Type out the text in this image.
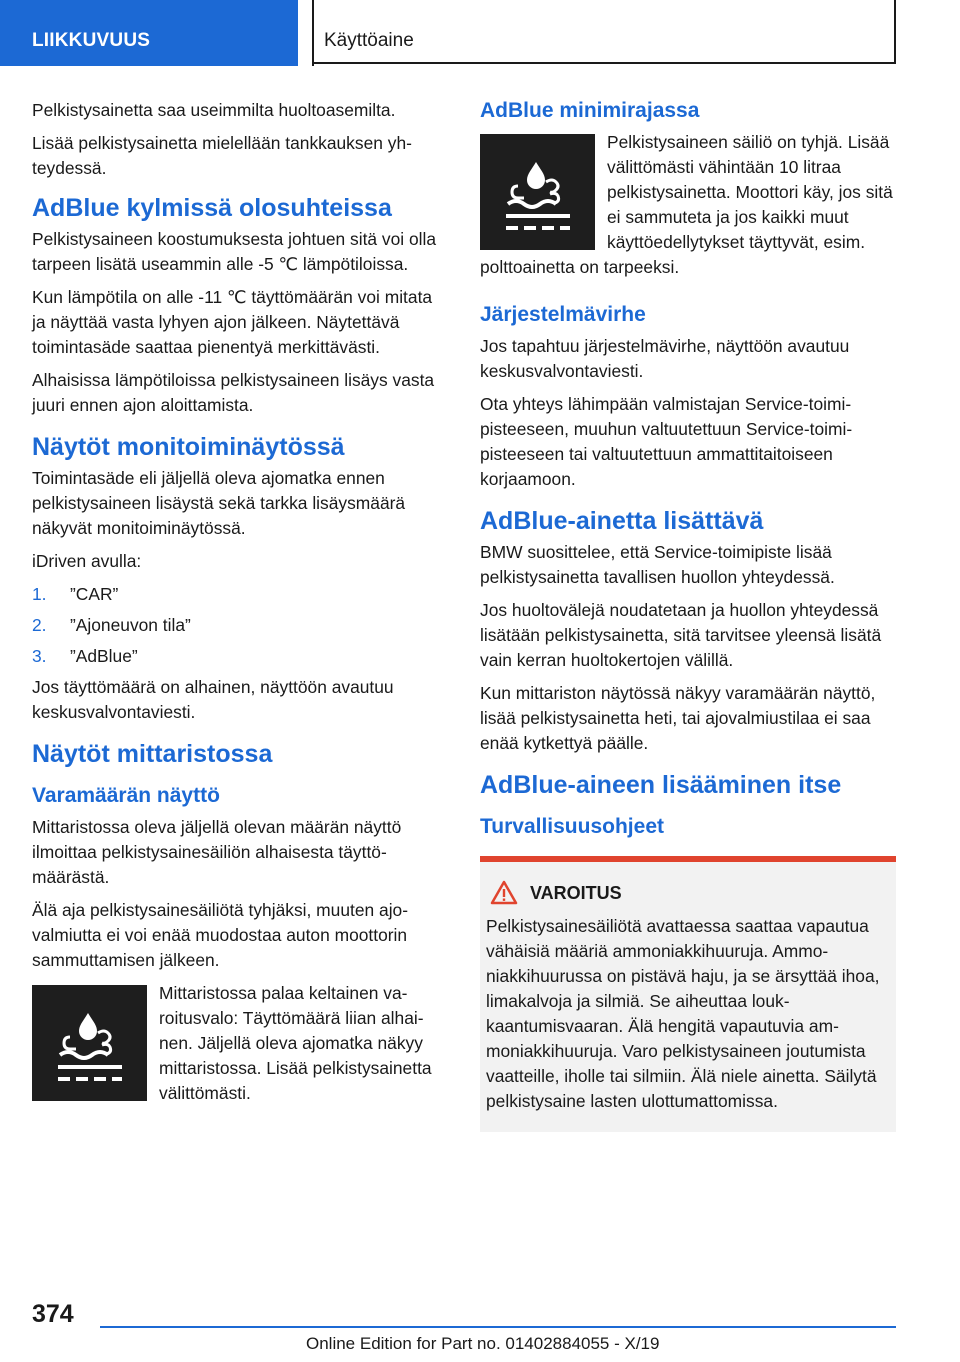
LIIKKUVUUS	Käyttöaine

Pelkistysainetta saa useimmilta huoltoasemilta.

Lisää pelkistysainetta mielellään tankkauksen yhteydessä.

AdBlue kylmissä olosuhteissa

Pelkistysaineen koostumuksesta johtuen sitä voi olla tarpeen lisätä useammin alle -5 ℃ lämpötiloissa.

Kun lämpötila on alle -11 ℃ täyttömäärän voi mitata ja näyttää vasta lyhyen ajon jälkeen. Näytettävä toimintasäde saattaa pienentyä merkittävästi.

Alhaisissa lämpötiloissa pelkistysaineen lisäys vasta juuri ennen ajon aloittamista.

Näytöt monitoiminäytössä

Toimintasäde eli jäljellä oleva ajomatka ennen pelkistysaineen lisäystä sekä tarkka lisäysmäärä näkyvät monitoiminäytössä.

iDriven avulla:

1.	”CAR”
2.	”Ajoneuvon tila”
3.	”AdBlue”

Jos täyttömäärä on alhainen, näyttöön avautuu keskusvalvontaviesti.

Näytöt mittaristossa
Varamäärän näyttö

Mittaristossa oleva jäljellä olevan määrän näyttö ilmoittaa pelkistysainesäiliön alhaisesta täyttömäärästä.

Älä aja pelkistysainesäiliötä tyhjäksi, muuten ajovalmiutta ei voi enää muodostaa auton moottorin sammuttamisen jälkeen.

Mittaristossa palaa keltainen varoitusvalo: Täyttömäärä liian alhainen. Jäljellä oleva ajomatka näkyy mittaristossa. Lisää pelkistysainetta välittömästi.

AdBlue minimirajassa

Pelkistysaineen säiliö on tyhjä. Lisää välittömästi vähintään 10 litraa pelkistysainetta. Moottori käy, jos sitä ei sammuteta ja jos kaikki muut käyttöedellytykset täyttyvät, esim. polttoainetta on tarpeeksi.

Järjestelmävirhe

Jos tapahtuu järjestelmävirhe, näyttöön avautuu keskusvalvontaviesti.

Ota yhteys lähimpään valmistajan Service-toimipisteeseen, muuhun valtuutettuun Service-toimipisteeseen tai valtuutettuun ammattitaitoiseen korjaamoon.

AdBlue-ainetta lisättävä

BMW suosittelee, että Service-toimipiste lisää pelkistysainetta tavallisen huollon yhteydessä.

Jos huoltovälejä noudatetaan ja huollon yhteydessä lisätään pelkistysainetta, sitä tarvitsee yleensä lisätä vain kerran huoltokertojen välillä.

Kun mittariston näytössä näkyy varamäärän näyttö, lisää pelkistysainetta heti, tai ajovalmiustilaa ei saa enää kytkettyä päälle.

AdBlue-aineen lisääminen itse
Turvallisuusohjeet
VAROITUS
Pelkistysainesäiliötä avattaessa saattaa vapautua vähäisiä määriä ammoniakkihuuruja. Ammoniakkihuurussa on pistävä haju, ja se ärsyttää ihoa, limakalvoja ja silmiä. Se aiheuttaa loukkaantumisvaaran. Älä hengitä vapautuvia ammoniakkihuuruja. Varo pelkistysaineen joutumista vaatteille, iholle tai silmiin. Älä niele ainetta. Säilytä pelkistysaine lasten ulottumattomissa.
374
Online Edition for Part no. 01402884055 - X/19
